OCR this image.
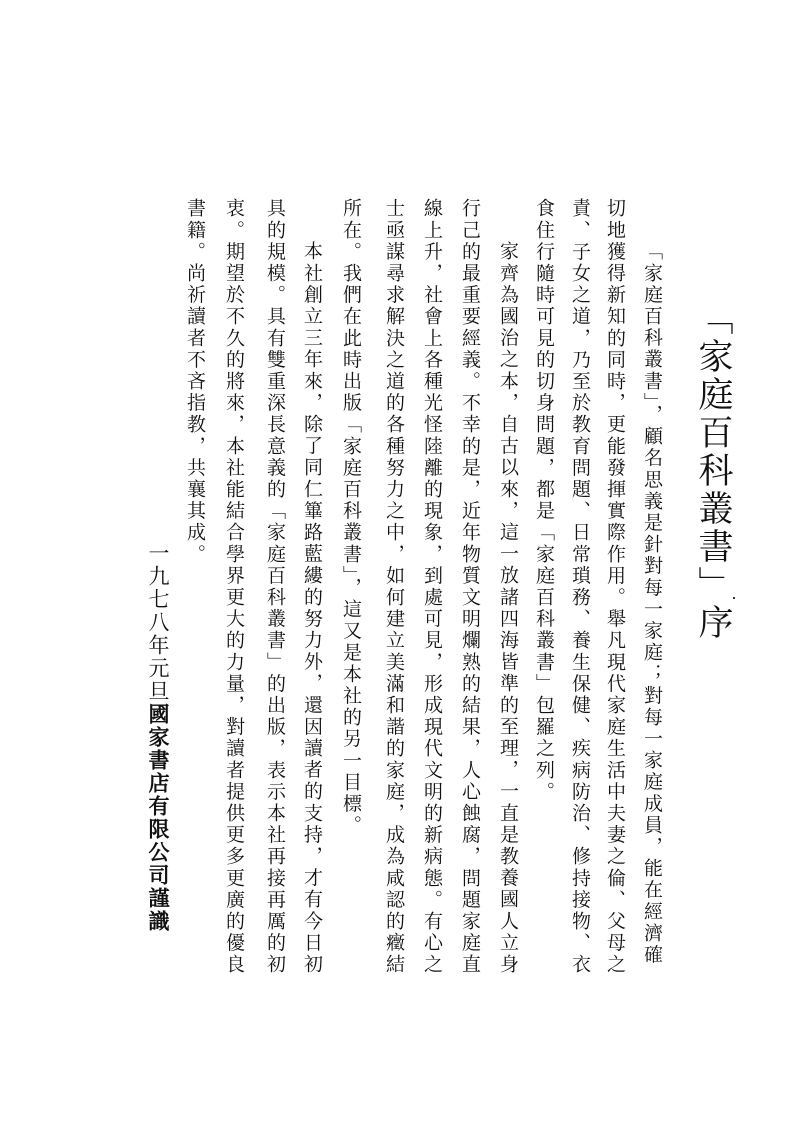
「家庭百科叢書」序
「家庭百科叢書」，顧名思義是針對每一家庭；對每一家庭成員，能在經濟確
切地獲得新知的同時，更能發揮實際作用。舉凡現代家庭生活中夫妻之倫、父母之
責、子女之道，乃至於教育問題、日常瑣務、養生保健、疾病防治、修持接物、衣
食住行隨時可見的切身問題，都是「家庭百科叢書」包羅之列。
家齊為國治之本，自古以來，這一放諸四海皆準的至理，一直是教養國人立身
行己的最重要經義。不幸的是，近年物質文明爛熟的結果，人心蝕腐，問題家庭直
線上升，社會上各種光怪陸離的現象，到處可見，形成現代文明的新病態。有心之
士亟謀尋求解決之道的各種努力之中，如何建立美滿和諧的家庭，成為咸認的癥結
所在。我們在此時出版「家庭百科叢書」，這又是本社的另一目標。
本社創立三年來，除了同仁篳路藍縷的努力外，還因讀者的支持，才有今日初
具的規模。具有雙重深長意義的「家庭百科叢書」的出版，表示本社再接再厲的初
衷。期望於不久的將來，本社能結合學界更大的力量，對讀者提供更多更廣的優良
書籍。尚祈讀者不吝指教，共襄其成。
一九七八年元旦國家書店有限公司謹識
